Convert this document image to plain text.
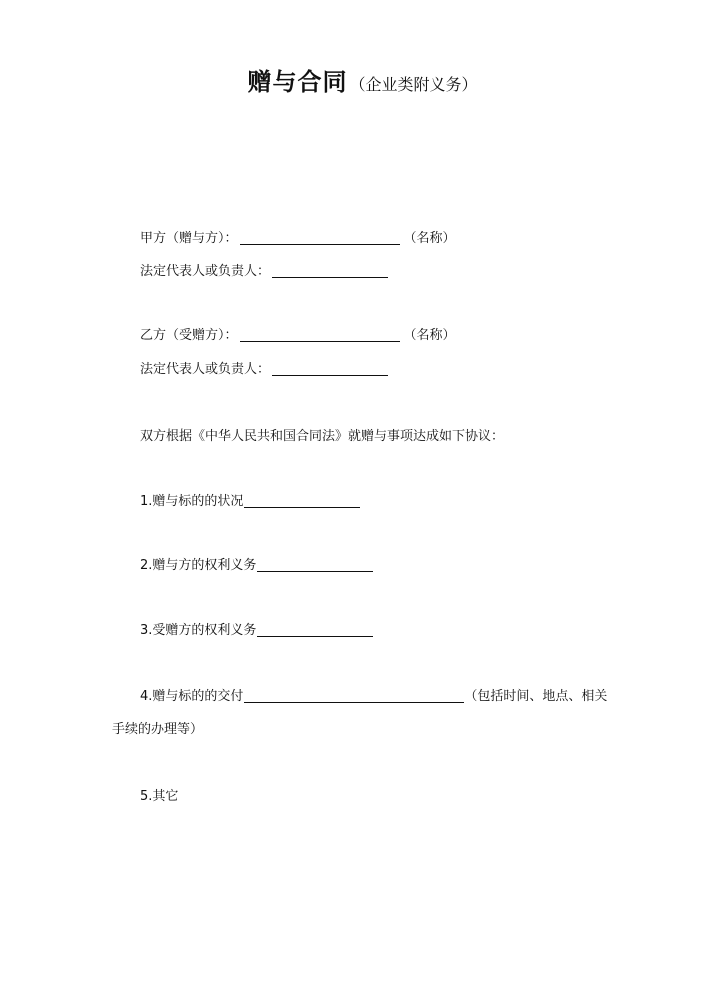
赠与合同 （企业类附义务）
甲方（赠与方）：	（名称）
法定代表人或负责人：
乙方（受赠方）：	（名称）
法定代表人或负责人：
双方根据《中华人民共和国合同法》就赠与事项达成如下协议：
1.赠与标的的状况
2.赠与方的权利义务
3.受赠方的权利义务
4.赠与标的的交付	（包括时间、地点、相关
手续的办理等）
5.其它
